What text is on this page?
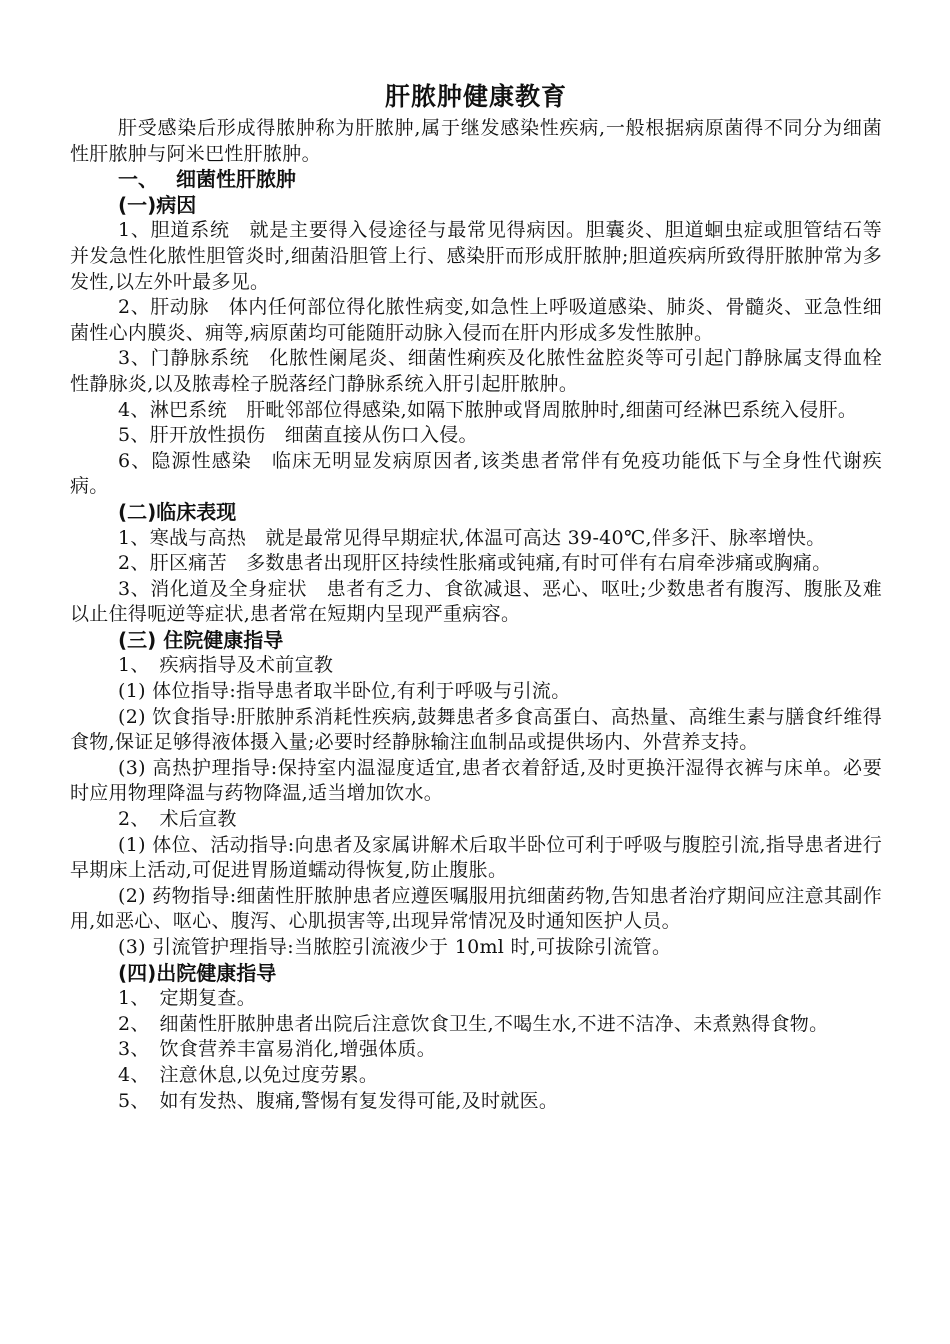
肝脓肿健康教育

肝受感染后形成得脓肿称为肝脓肿,属于继发感染性疾病,一般根据病原菌得不同分为细菌性肝脓肿与阿米巴性肝脓肿。

一、 细菌性肝脓肿
(一)病因

1、胆道系统　就是主要得入侵途径与最常见得病因。胆囊炎、胆道蛔虫症或胆管结石等并发急性化脓性胆管炎时,细菌沿胆管上行、感染肝而形成肝脓肿;胆道疾病所致得肝脓肿常为多发性,以左外叶最多见。

2、肝动脉　体内任何部位得化脓性病变,如急性上呼吸道感染、肺炎、骨髓炎、亚急性细菌性心内膜炎、痈等,病原菌均可能随肝动脉入侵而在肝内形成多发性脓肿。

3、门静脉系统　化脓性阑尾炎、细菌性痢疾及化脓性盆腔炎等可引起门静脉属支得血栓性静脉炎,以及脓毒栓子脱落经门静脉系统入肝引起肝脓肿。

4、淋巴系统　肝毗邻部位得感染,如隔下脓肿或肾周脓肿时,细菌可经淋巴系统入侵肝。

5、肝开放性损伤　细菌直接从伤口入侵。

6、隐源性感染　临床无明显发病原因者,该类患者常伴有免疫功能低下与全身性代谢疾病。

(二)临床表现

1、寒战与高热　就是最常见得早期症状,体温可高达 39-40℃,伴多汗、脉率增快。

2、肝区痛苦　多数患者出现肝区持续性胀痛或钝痛,有时可伴有右肩牵涉痛或胸痛。

3、消化道及全身症状　患者有乏力、食欲减退、恶心、呕吐;少数患者有腹泻、腹胀及难以止住得呃逆等症状,患者常在短期内呈现严重病容。

(三) 住院健康指导

1、　疾病指导及术前宣教

(1) 体位指导:指导患者取半卧位,有利于呼吸与引流。

(2) 饮食指导:肝脓肿系消耗性疾病,鼓舞患者多食高蛋白、高热量、高维生素与膳食纤维得食物,保证足够得液体摄入量;必要时经静脉输注血制品或提供场内、外营养支持。

(3) 高热护理指导:保持室内温湿度适宜,患者衣着舒适,及时更换汗湿得衣裤与床单。必要时应用物理降温与药物降温,适当增加饮水。

2、　术后宣教

(1) 体位、活动指导:向患者及家属讲解术后取半卧位可利于呼吸与腹腔引流,指导患者进行早期床上活动,可促进胃肠道蠕动得恢复,防止腹胀。

(2) 药物指导:细菌性肝脓肿患者应遵医嘱服用抗细菌药物,告知患者治疗期间应注意其副作用,如恶心、呕心、腹泻、心肌损害等,出现异常情况及时通知医护人员。

(3) 引流管护理指导:当脓腔引流液少于 10ml 时,可拔除引流管。

(四)出院健康指导

1、　定期复查。

2、　细菌性肝脓肿患者出院后注意饮食卫生,不喝生水,不进不洁净、未煮熟得食物。

3、　饮食营养丰富易消化,增强体质。

4、　注意休息,以免过度劳累。

5、　如有发热、腹痛,警惕有复发得可能,及时就医。
